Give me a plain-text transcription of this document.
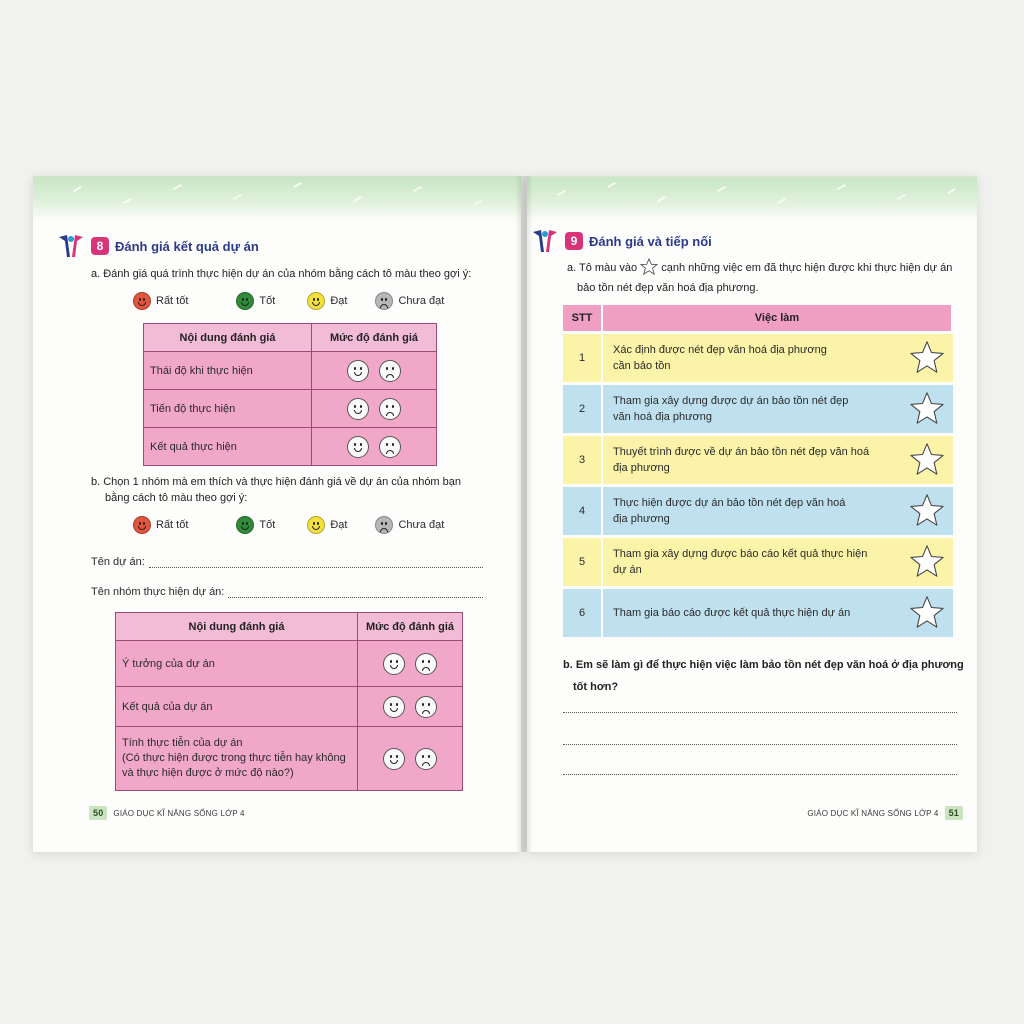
8 Đánh giá kết quả dự án
a. Đánh giá quá trình thực hiện dự án của nhóm bằng cách tô màu theo gợi ý:
Rất tốt	Tốt	Đạt	Chưa đạt
Nội dung đánh giá	Mức độ đánh giá
Thái độ khi thực hiện	

Tiến độ thực hiện	

Kết quả thực hiện	
b. Chọn 1 nhóm mà em thích và thực hiện đánh giá về dự án của nhóm bạn
bằng cách tô màu theo gợi ý:
Rất tốt	Tốt	Đạt	Chưa đạt
Tên dự án:
Tên nhóm thực hiện dự án:
Nội dung đánh giá	Mức độ đánh giá

Ý tưởng của dự án	

Kết quả của dự án	

Tính thực tiễn của dự án
(Có thực hiện được trong thực tiễn hay không
và thực hiện được ở mức độ nào?)	

50	GIÁO DỤC KĨ NĂNG SỐNG LỚP 4
9 Đánh giá và tiếp nối
a. Tô màu vào cạnh những việc em đã thực hiện được khi thực hiện dự án
bảo tồn nét đẹp văn hoá địa phương.
STT	Việc làm	
1	Xác định được nét đẹp văn hoá địa phương
cần bảo tồn

2	Tham gia xây dựng được dự án bảo tồn nét đẹp
văn hoá địa phương

3	Thuyết trình được về dự án bảo tồn nét đẹp văn hoá
địa phương

4	Thực hiện được dự án bảo tồn nét đẹp văn hoá
địa phương

5	Tham gia xây dựng được báo cáo kết quả thực hiện
dự án

6	Tham gia báo cáo được kết quả thực hiện dự án

b. Em sẽ làm gì để thực hiện việc làm bảo tồn nét đẹp văn hoá ở địa phương
tốt hơn?
GIÁO DỤC KĨ NĂNG SỐNG LỚP 4	51
